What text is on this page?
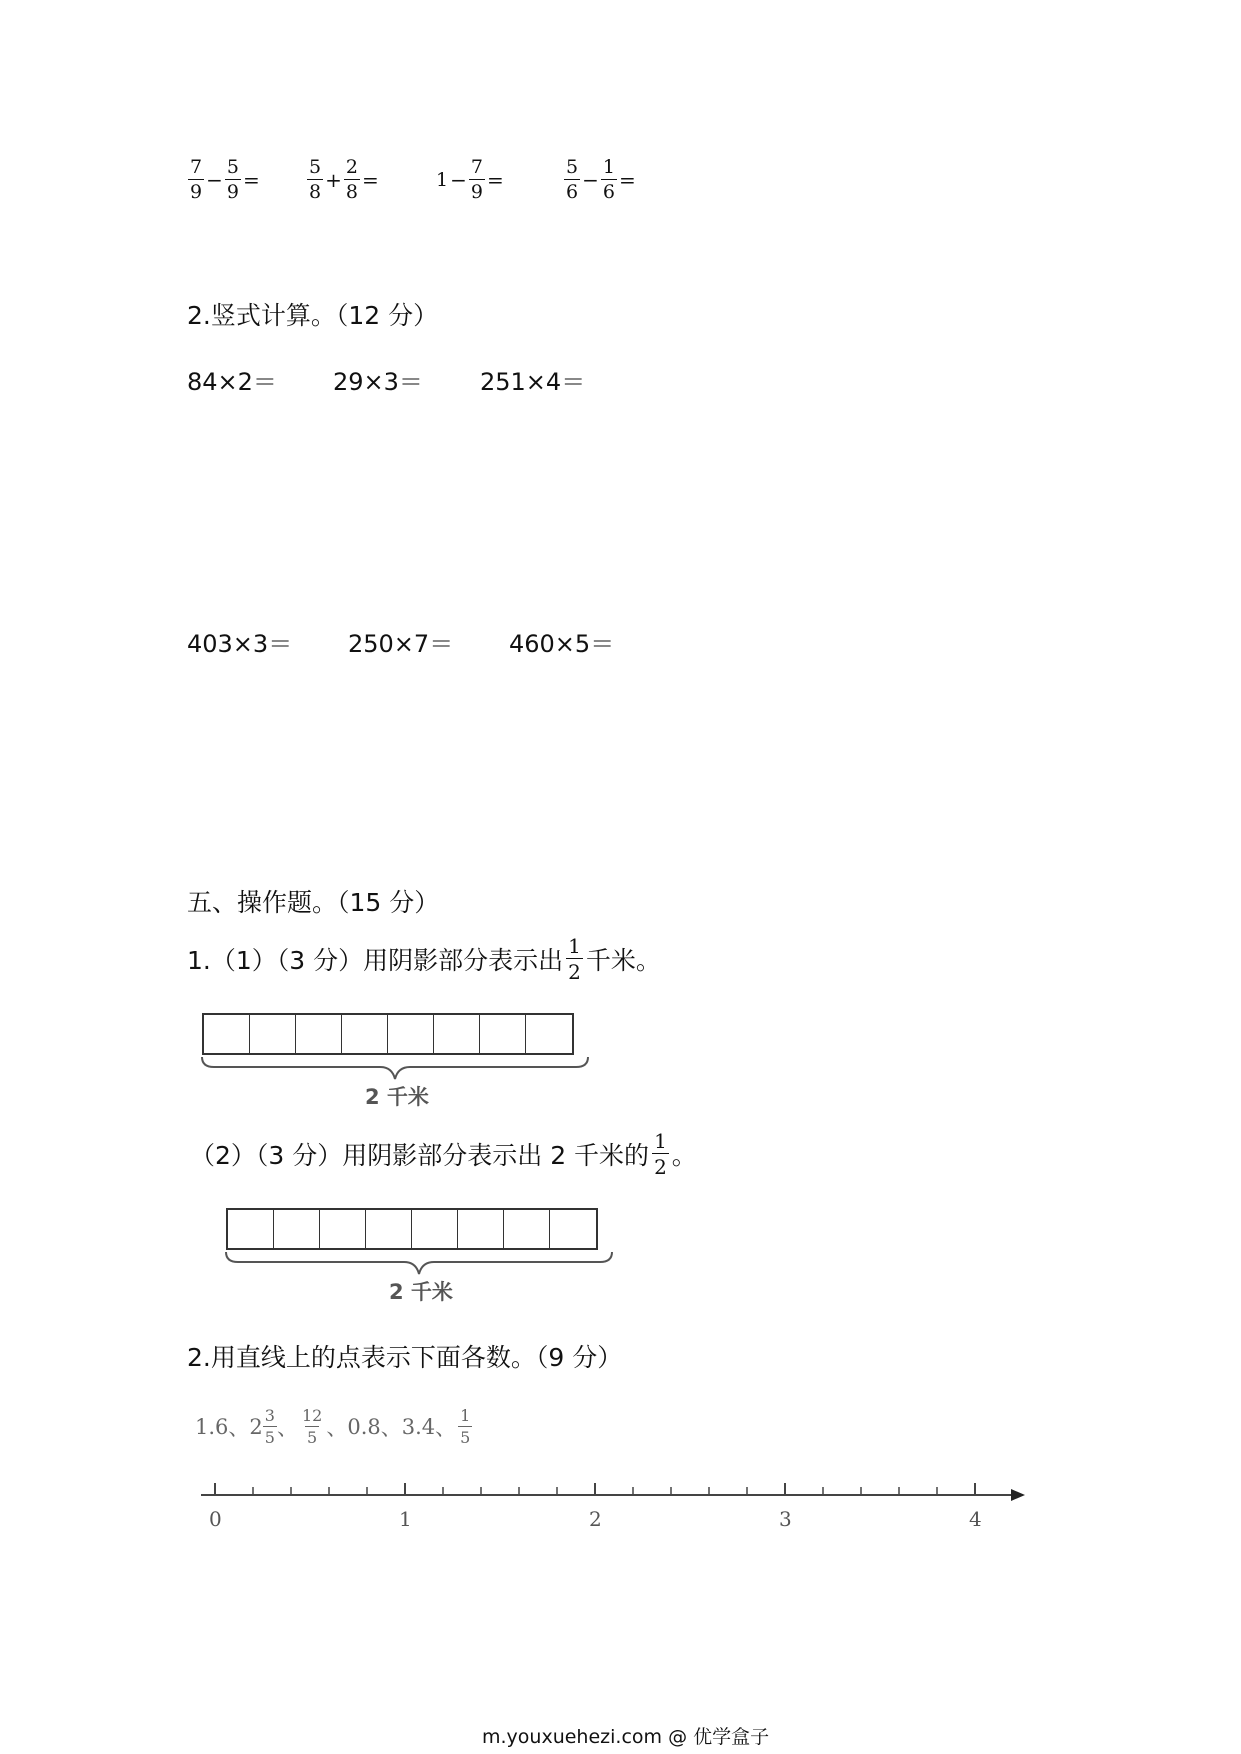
$\frac{7}{9} - \frac{5}{9} = \frac{5}{8} + \frac{2}{8}$ =	$1 - \frac{7}{9}$ =	$\frac{5}{6} - \frac{1}{6}$ =
2.竖式计算。（12 分）
84×2＝ 29×3＝ 251×4＝
403×3＝ 250×7＝ 460×5＝
五、操作题。（15 分）
1.（1）（3 分）用阴影部分表示出 $\frac{1}{2}$ 千米。
2 千米
（2）（3 分）用阴影部分表示出 2 千米的 $\frac{1}{2}$ 。
2 千米
2.用直线上的点表示下面各数。（9 分）
1.6 、 $2 \frac{3}{5}$ 、 $\frac{12}{5}$ 、 0.8 、 3.4 、 $\frac{1}{5}$
0	1	2	3	4
m.youxuehezi.com @ 优学盒子
